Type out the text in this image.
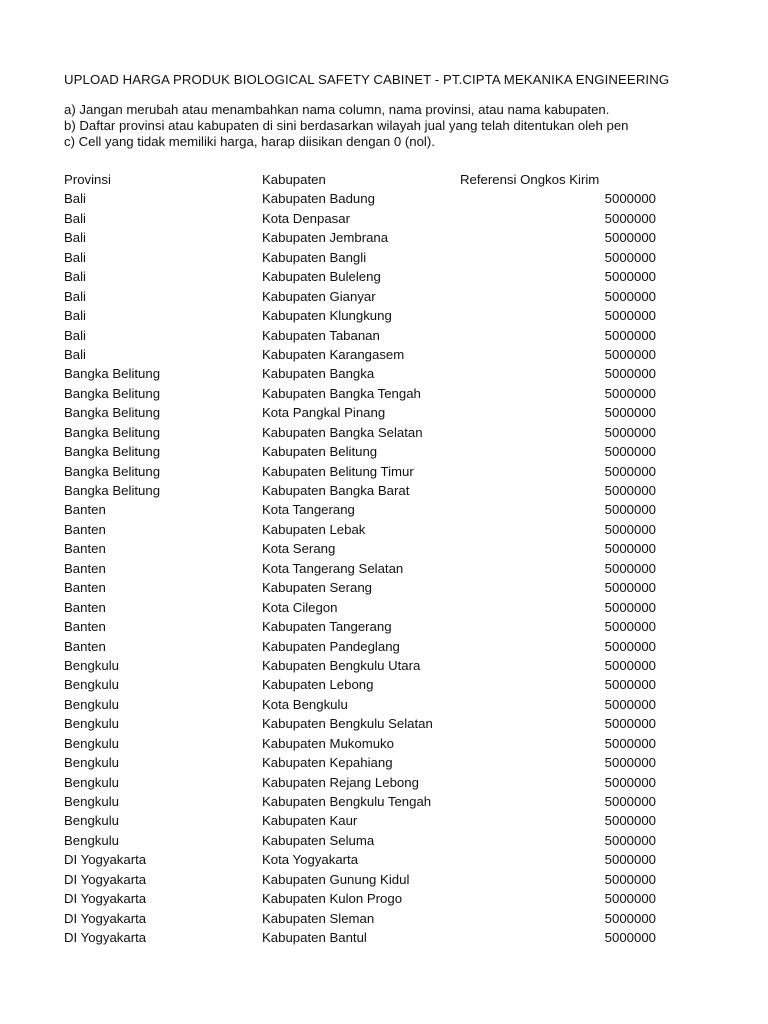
UPLOAD HARGA PRODUK BIOLOGICAL SAFETY CABINET - PT.CIPTA MEKANIKA ENGINEERING
a) Jangan merubah atau menambahkan nama column, nama provinsi, atau nama kabupaten.
b) Daftar provinsi atau kabupaten di sini berdasarkan wilayah jual yang telah ditentukan oleh pen
c) Cell yang tidak memiliki harga, harap diisikan dengan 0 (nol).
Provinsi	Kabupaten	Referensi Ongkos Kirim
Bali	Kabupaten Badung	5000000
Bali	Kota Denpasar	5000000
Bali	Kabupaten Jembrana	5000000
Bali	Kabupaten Bangli	5000000
Bali	Kabupaten Buleleng	5000000
Bali	Kabupaten Gianyar	5000000
Bali	Kabupaten Klungkung	5000000
Bali	Kabupaten Tabanan	5000000
Bali	Kabupaten Karangasem	5000000
Bangka Belitung	Kabupaten Bangka	5000000
Bangka Belitung	Kabupaten Bangka Tengah	5000000
Bangka Belitung	Kota Pangkal Pinang	5000000
Bangka Belitung	Kabupaten Bangka Selatan	5000000
Bangka Belitung	Kabupaten Belitung	5000000
Bangka Belitung	Kabupaten Belitung Timur	5000000
Bangka Belitung	Kabupaten Bangka Barat	5000000
Banten	Kota Tangerang	5000000
Banten	Kabupaten Lebak	5000000
Banten	Kota Serang	5000000
Banten	Kota Tangerang Selatan	5000000
Banten	Kabupaten Serang	5000000
Banten	Kota Cilegon	5000000
Banten	Kabupaten Tangerang	5000000
Banten	Kabupaten Pandeglang	5000000
Bengkulu	Kabupaten Bengkulu Utara	5000000
Bengkulu	Kabupaten Lebong	5000000
Bengkulu	Kota Bengkulu	5000000
Bengkulu	Kabupaten Bengkulu Selatan	5000000
Bengkulu	Kabupaten Mukomuko	5000000
Bengkulu	Kabupaten Kepahiang	5000000
Bengkulu	Kabupaten Rejang Lebong	5000000
Bengkulu	Kabupaten Bengkulu Tengah	5000000
Bengkulu	Kabupaten Kaur	5000000
Bengkulu	Kabupaten Seluma	5000000
DI Yogyakarta	Kota Yogyakarta	5000000
DI Yogyakarta	Kabupaten Gunung Kidul	5000000
DI Yogyakarta	Kabupaten Kulon Progo	5000000
DI Yogyakarta	Kabupaten Sleman	5000000
DI Yogyakarta	Kabupaten Bantul	5000000
